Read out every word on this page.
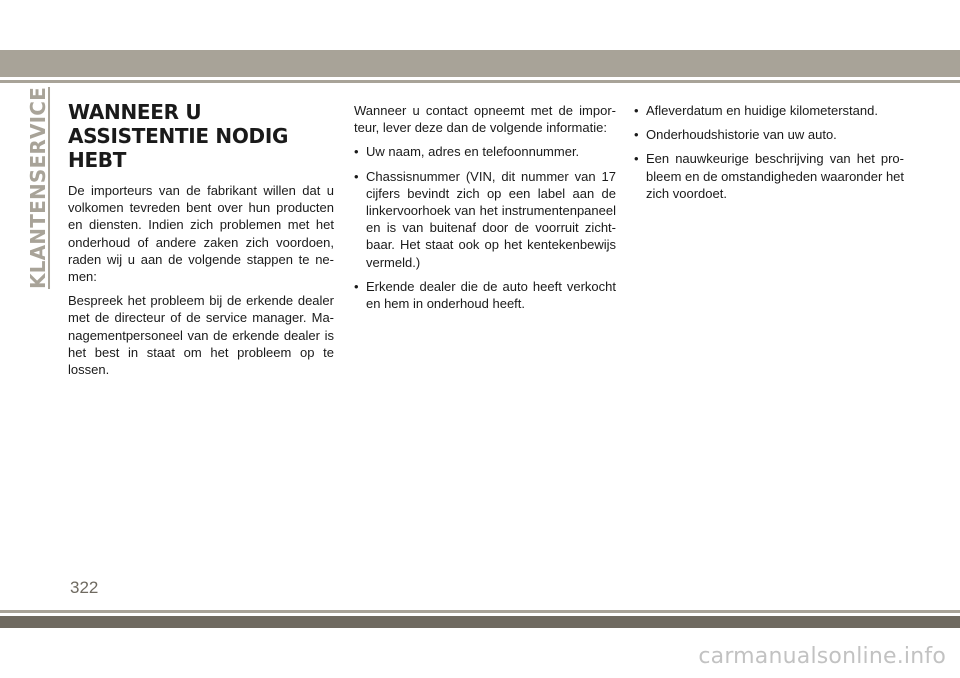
KLANTENSERVICE WANNEER U ASSISTENTIE NODIG HEBT

De importeurs van de fabrikant willen dat u volkomen tevreden bent over hun producten en diensten. Indien zich problemen met het onderhoud of andere zaken zich voordoen, raden wij u aan de volgende stappen te ne-men:

Bespreek het probleem bij de erkende dealer met de directeur of de service manager. Ma-nagementpersoneel van de erkende dealer is het best in staat om het probleem op te lossen.

Wanneer u contact opneemt met de impor-teur, lever deze dan de volgende informatie:

• Uw naam, adres en telefoonnummer.
• Chassisnummer (VIN, dit nummer van 17 cijfers bevindt zich op een label aan de linkervoorhoek van het instrumentenpaneel en is van buitenaf door de voorruit zicht-baar. Het staat ook op het kentekenbewijs vermeld.)
• Erkende dealer die de auto heeft verkocht en hem in onderhoud heeft.
• Afleverdatum en huidige kilometerstand.
• Onderhoudshistorie van uw auto.
• Een nauwkeurige beschrijving van het pro-bleem en de omstandigheden waaronder het zich voordoet.
322
carmanualsonline.info
